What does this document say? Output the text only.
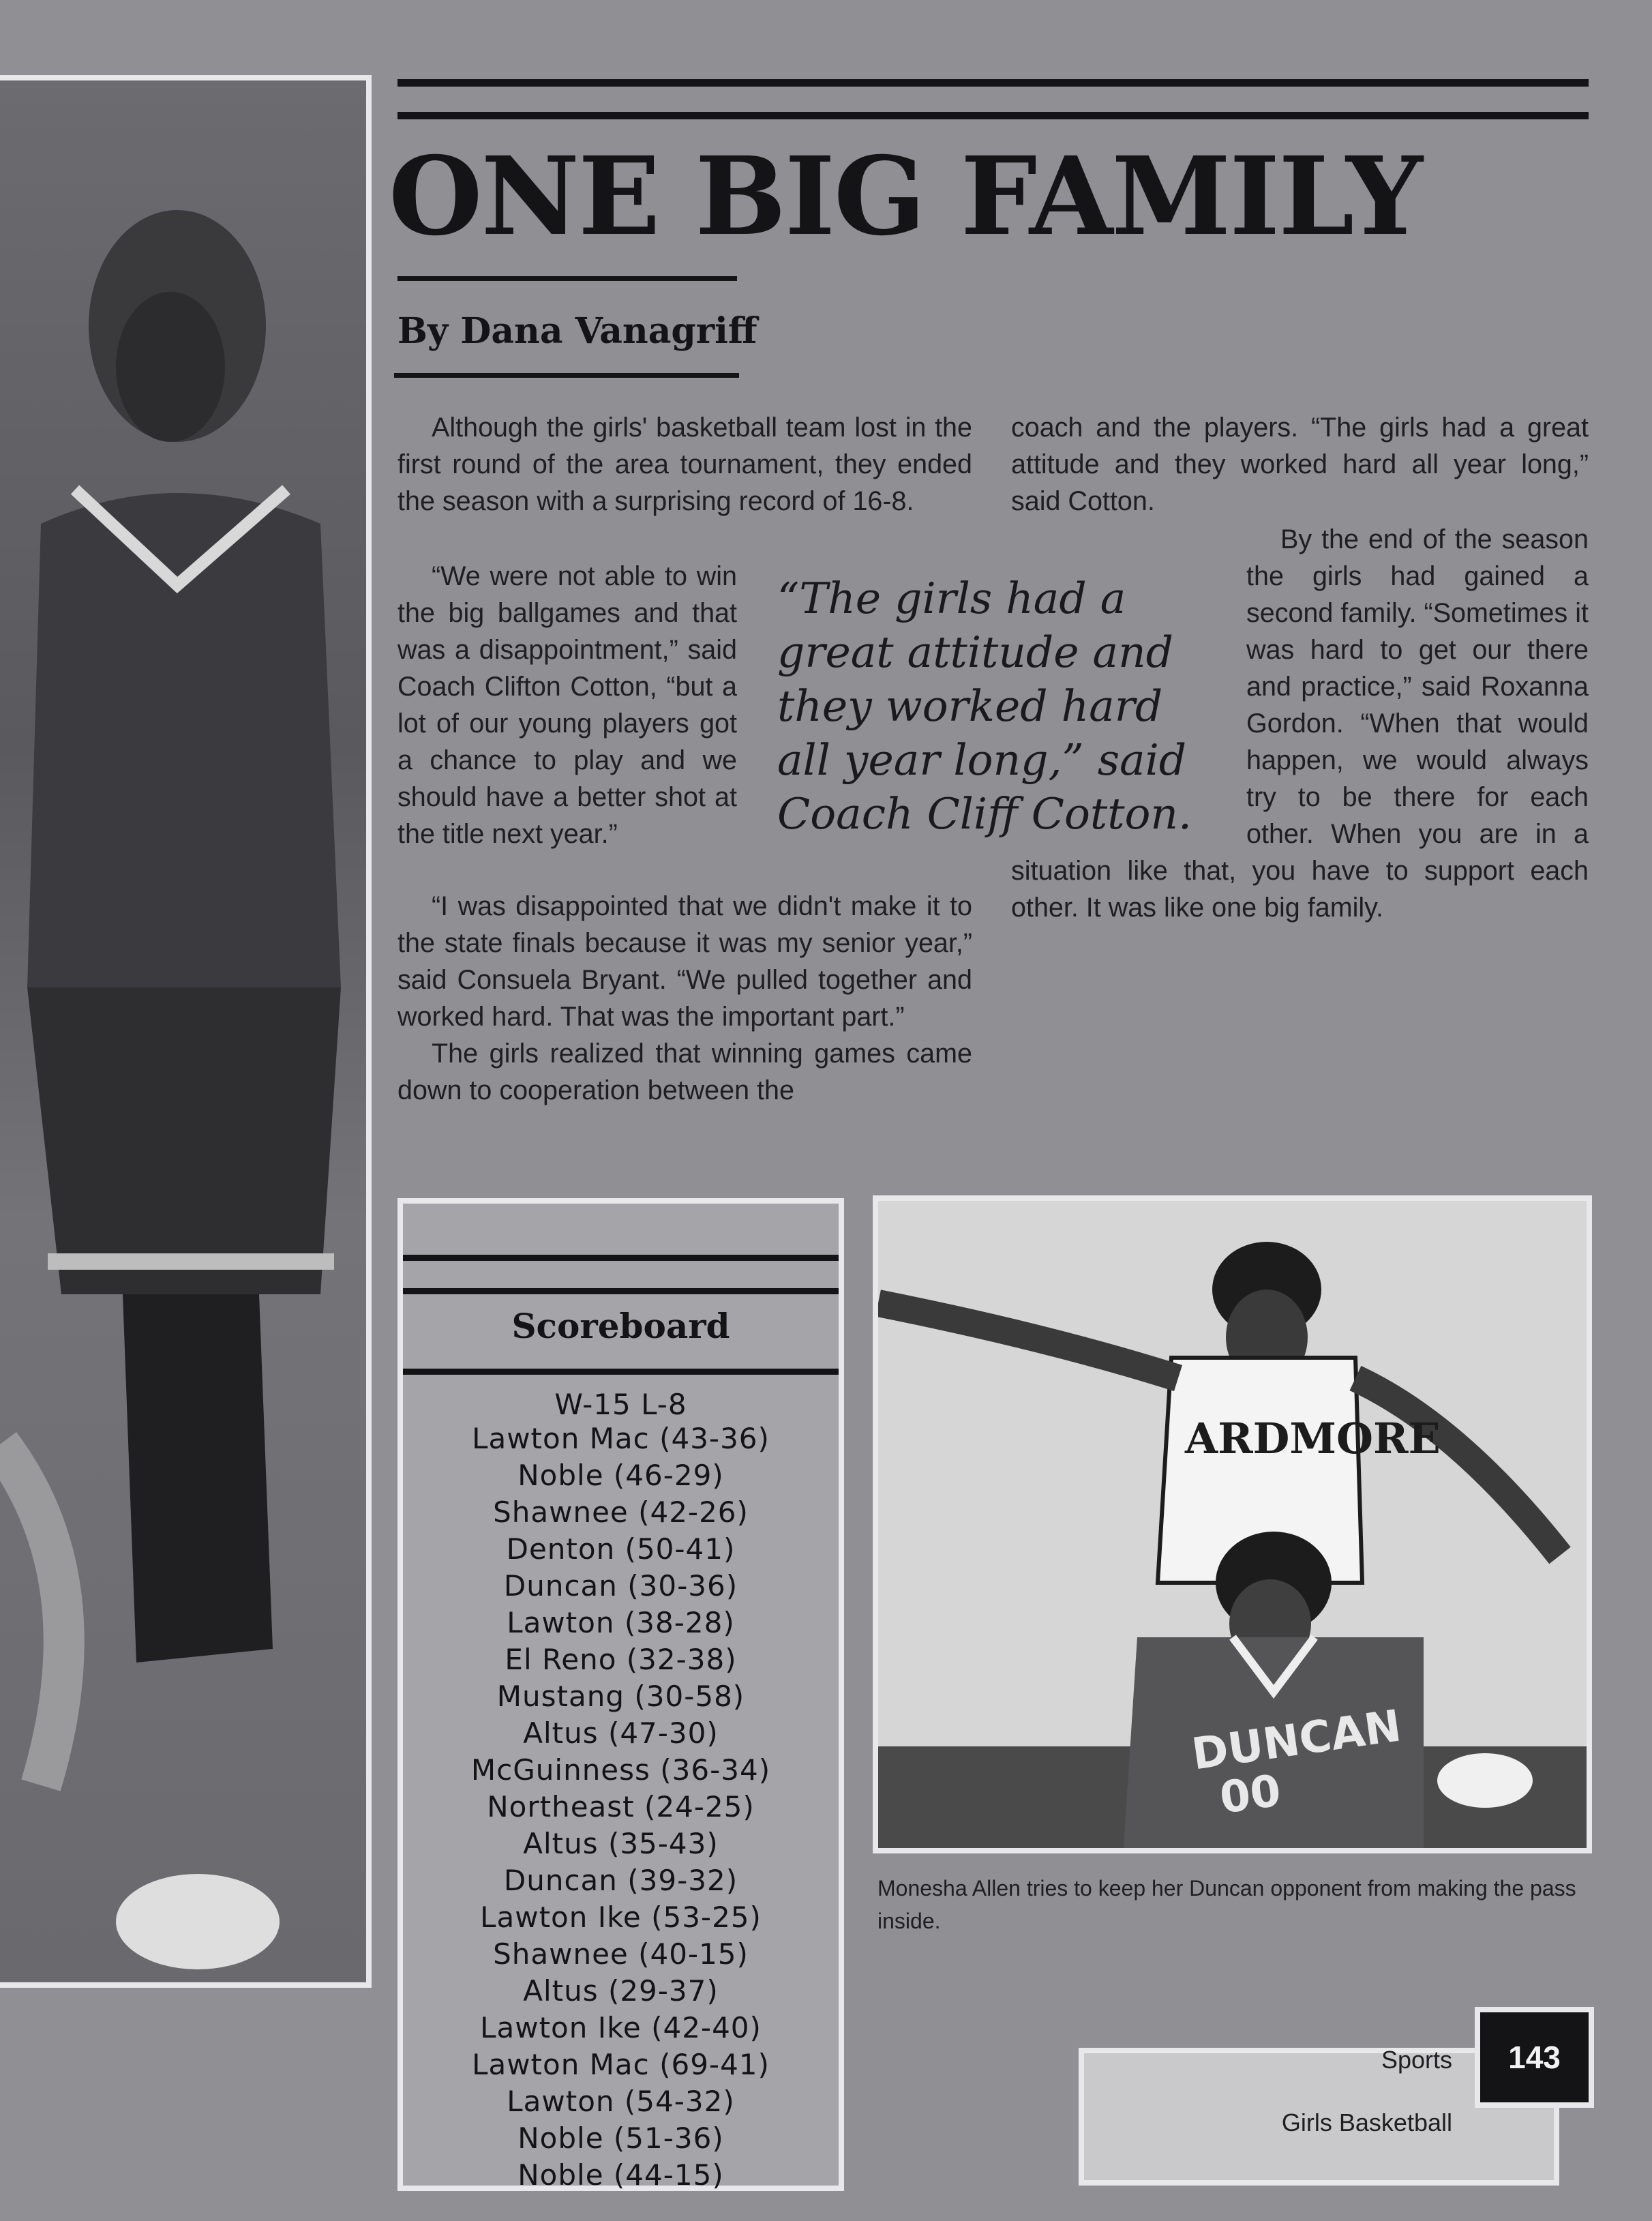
ONE BIG FAMILY
By Dana Vanagriff

Although the girls' basketball team lost in the first round of the area tournament, they ended the season with a surprising record of 16-8.

“We were not able to win the big ballgames and that was a disappointment,” said Coach Clifton Cotton, “but a lot of our young players got a chance to play and we should have a better shot at the title next year.”

“I was disappointed that we didn't make it to the state finals because it was my senior year,” said Consuela Bryant. “We pulled together and worked hard. That was the important part.”

The girls realized that winning games came down to cooperation between the

coach and the players. “The girls had a great attitude and they worked hard all year long,” said Cotton.

By the end of the season the girls had gained a second family. “Sometimes it was hard to get our there and practice,” said Roxanna Gordon. “When that would happen, we would always try to be there for each other. When you are in a situation like that, you have to support each other. It was like one big family.

“The girls had a great attitude and they worked hard all year long,” said Coach Cliff Cotton.
Scoreboard
W-15 L-8
Lawton Mac (43-36)
Noble (46-29)
Shawnee (42-26)
Denton (50-41)
Duncan (30-36)
Lawton (38-28)
El Reno (32-38)
Mustang (30-58)
Altus (47-30)
McGuinness (36-34)
Northeast (24-25)
Altus (35-43)
Duncan (39-32)
Lawton Ike (53-25)
Shawnee (40-15)
Altus (29-37)
Lawton Ike (42-40)
Lawton Mac (69-41)
Lawton (54-32)
Noble (51-36)
Noble (44-15)
ARDMORE
DUNCAN
00

Monesha Allen tries to keep her Duncan opponent from making the pass inside.

Sports
Girls Basketball
143
